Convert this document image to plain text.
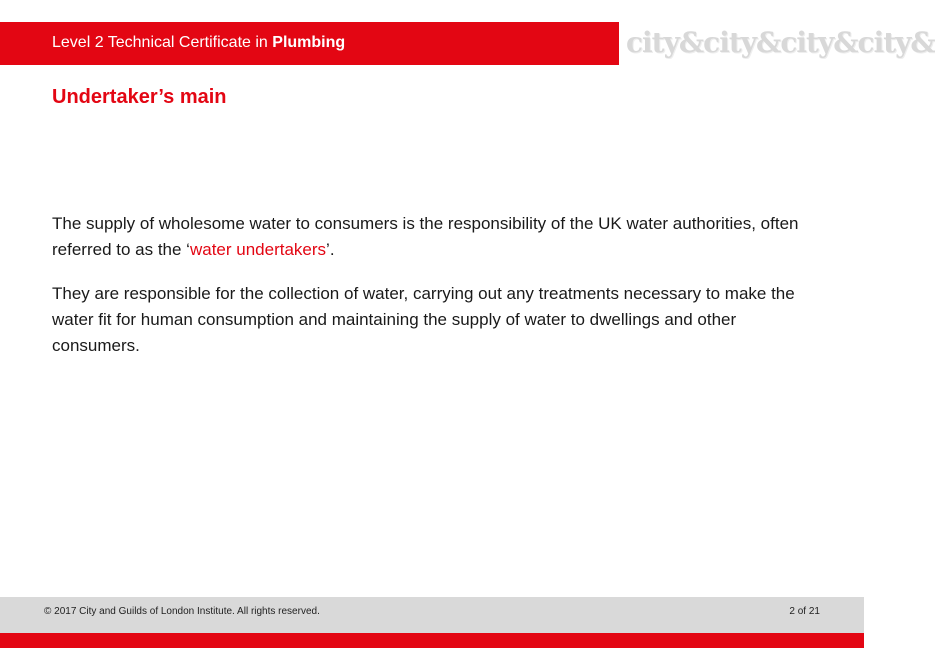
Level 2 Technical Certificate in Plumbing	city&city&city&city&
Undertaker’s main

The supply of wholesome water to consumers is the responsibility of the UK water authorities, often referred to as the ‘water undertakers’.

They are responsible for the collection of water, carrying out any treatments necessary to make the water fit for human consumption and maintaining the supply of water to dwellings and other consumers.

© 2017 City and Guilds of London Institute. All rights reserved.	2 of 21
